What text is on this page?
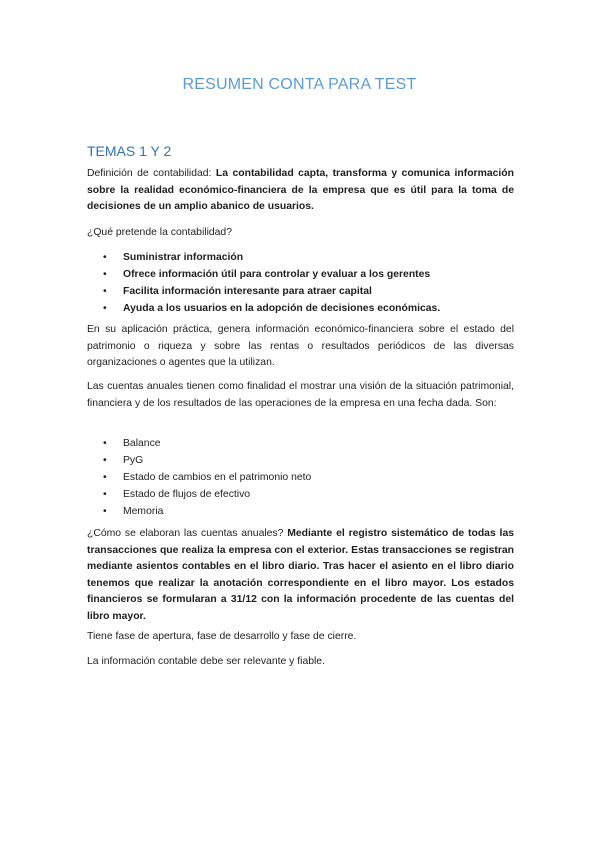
RESUMEN CONTA PARA TEST
TEMAS 1 Y 2
Definición de contabilidad: La contabilidad capta, transforma y comunica información sobre la realidad económico-financiera de la empresa que es útil para la toma de decisiones de un amplio abanico de usuarios.
¿Qué pretende la contabilidad?
• Suministrar información
• Ofrece información útil para controlar y evaluar a los gerentes
• Facilita información interesante para atraer capital
• Ayuda a los usuarios en la adopción de decisiones económicas.
En su aplicación práctica, genera información económico-financiera sobre el estado del patrimonio o riqueza y sobre las rentas o resultados periódicos de las diversas organizaciones o agentes que la utilizan.
Las cuentas anuales tienen como finalidad el mostrar una visión de la situación patrimonial, financiera y de los resultados de las operaciones de la empresa en una fecha dada. Son:
• Balance
• PyG
• Estado de cambios en el patrimonio neto
• Estado de flujos de efectivo
• Memoria
¿Cómo se elaboran las cuentas anuales? Mediante el registro sistemático de todas las transacciones que realiza la empresa con el exterior. Estas transacciones se registran mediante asientos contables en el libro diario. Tras hacer el asiento en el libro diario tenemos que realizar la anotación correspondiente en el libro mayor. Los estados financieros se formularan a 31/12 con la información procedente de las cuentas del libro mayor.
Tiene fase de apertura, fase de desarrollo y fase de cierre.
La información contable debe ser relevante y fiable.
